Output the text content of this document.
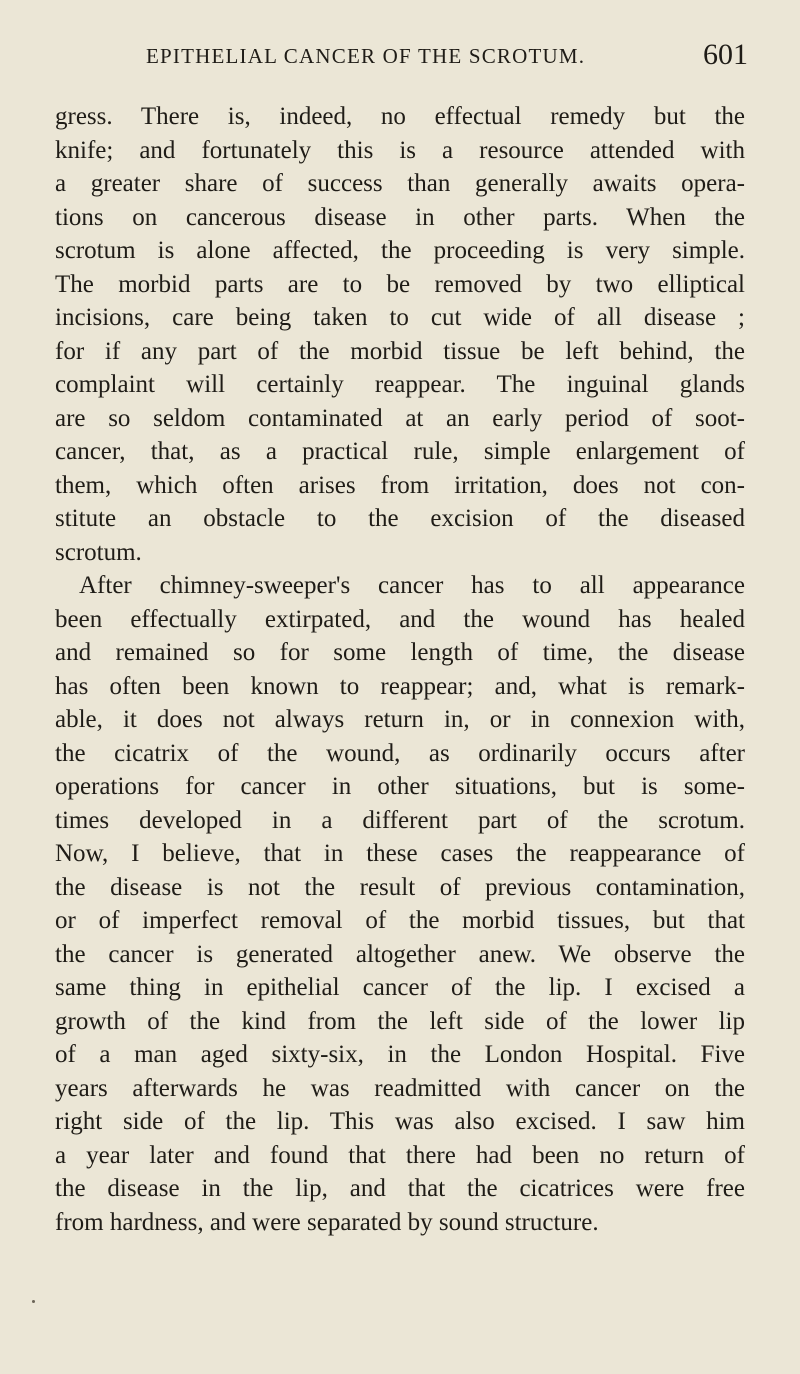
EPITHELIAL CANCER OF THE SCROTUM.	601
gress. There is, indeed, no effectual remedy but the
knife; and fortunately this is a resource attended with
a greater share of success than generally awaits opera-
tions on cancerous disease in other parts. When the
scrotum is alone affected, the proceeding is very simple.
The morbid parts are to be removed by two elliptical
incisions, care being taken to cut wide of all disease ;
for if any part of the morbid tissue be left behind, the
complaint will certainly reappear. The inguinal glands
are so seldom contaminated at an early period of soot-
cancer, that, as a practical rule, simple enlargement of
them, which often arises from irritation, does not con-
stitute an obstacle to the excision of the diseased
scrotum.
After chimney-sweeper's cancer has to all appearance
been effectually extirpated, and the wound has healed
and remained so for some length of time, the disease
has often been known to reappear; and, what is remark-
able, it does not always return in, or in connexion with,
the cicatrix of the wound, as ordinarily occurs after
operations for cancer in other situations, but is some-
times developed in a different part of the scrotum.
Now, I believe, that in these cases the reappearance of
the disease is not the result of previous contamination,
or of imperfect removal of the morbid tissues, but that
the cancer is generated altogether anew. We observe the
same thing in epithelial cancer of the lip. I excised a
growth of the kind from the left side of the lower lip
of a man aged sixty-six, in the London Hospital. Five
years afterwards he was readmitted with cancer on the
right side of the lip. This was also excised. I saw him
a year later and found that there had been no return of
the disease in the lip, and that the cicatrices were free
from hardness, and were separated by sound structure.
